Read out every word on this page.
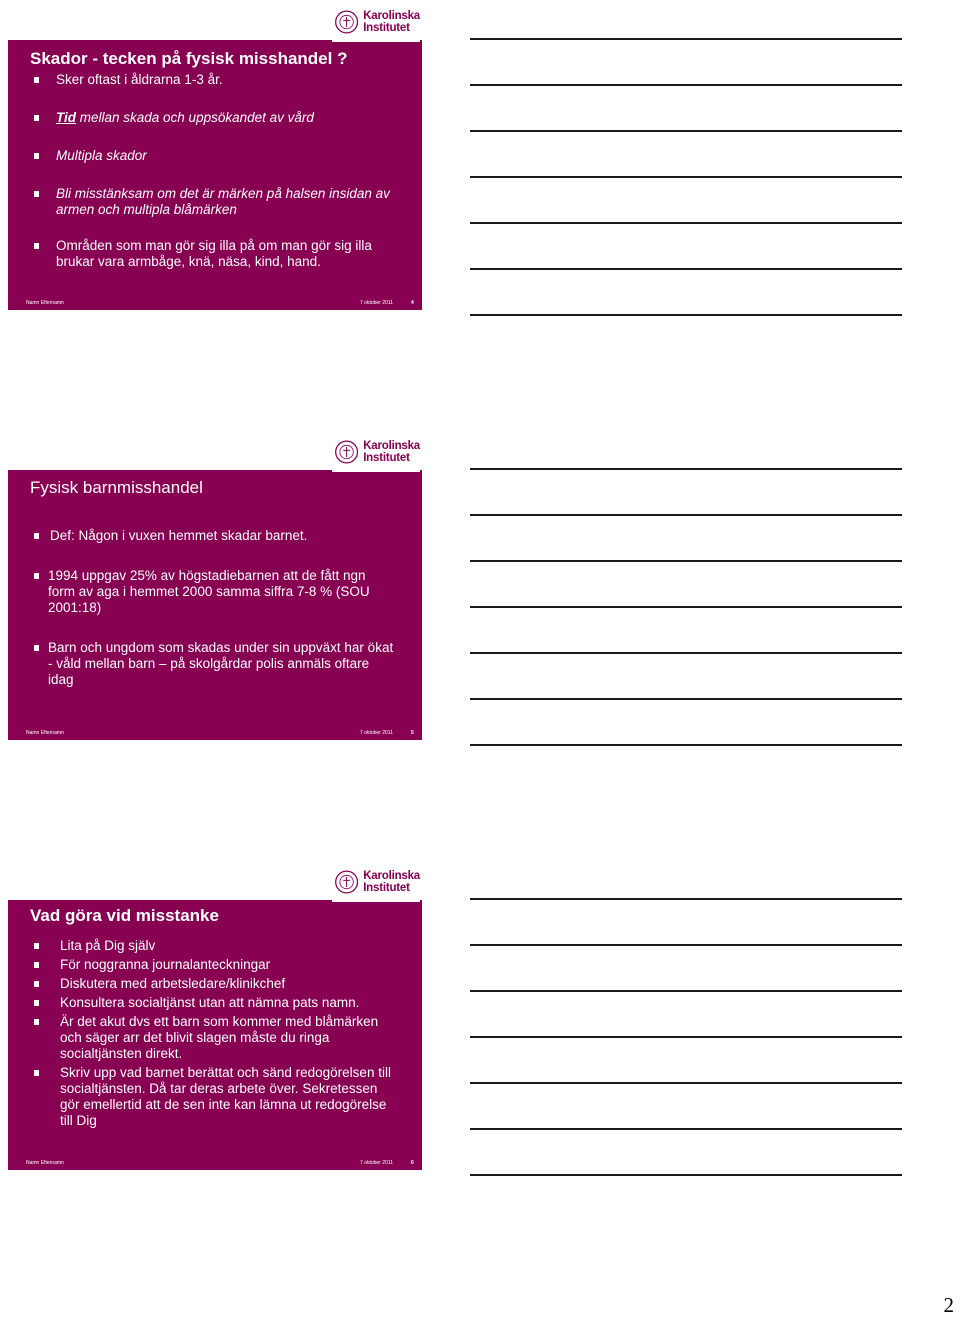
Skador - tecken på fysisk misshandel ?
Sker oftast i åldrarna 1-3 år.
Tid mellan skada och uppsökandet av vård
Multipla skador
Bli misstänksam om det är märken på halsen insidan av armen och multipla blåmärken
Områden som man gör sig illa på om man gör sig illa brukar vara armbåge, knä, näsa, kind, hand.
Namn Efternamn	7 oktober 2011	4
Karolinska
Institutet
Fysisk barnmisshandel
Def: Någon i vuxen hemmet skadar barnet.
1994 uppgav 25% av högstadiebarnen att de fått ngn form av aga i hemmet 2000 samma siffra 7-8 % (SOU 2001:18)
Barn och ungdom som skadas under sin uppväxt har ökat - våld mellan barn – på skolgårdar polis anmäls oftare idag
Namn Efternamn	7 oktober 2011	5
Karolinska
Institutet
Vad göra vid misstanke
Lita på Dig själv
För noggranna journalanteckningar
Diskutera med arbetsledare/klinikchef
Konsultera socialtjänst utan att nämna pats namn.
Är det akut dvs ett barn som kommer med blåmärken och säger arr det blivit slagen måste du ringa socialtjänsten direkt.
Skriv upp vad barnet berättat och sänd redogörelsen till socialtjänsten. Då tar deras arbete över. Sekretessen gör emellertid att de sen inte kan lämna ut redogörelse till Dig
Namn Efternamn	7 oktober 2011	6
Karolinska
Institutet
2
